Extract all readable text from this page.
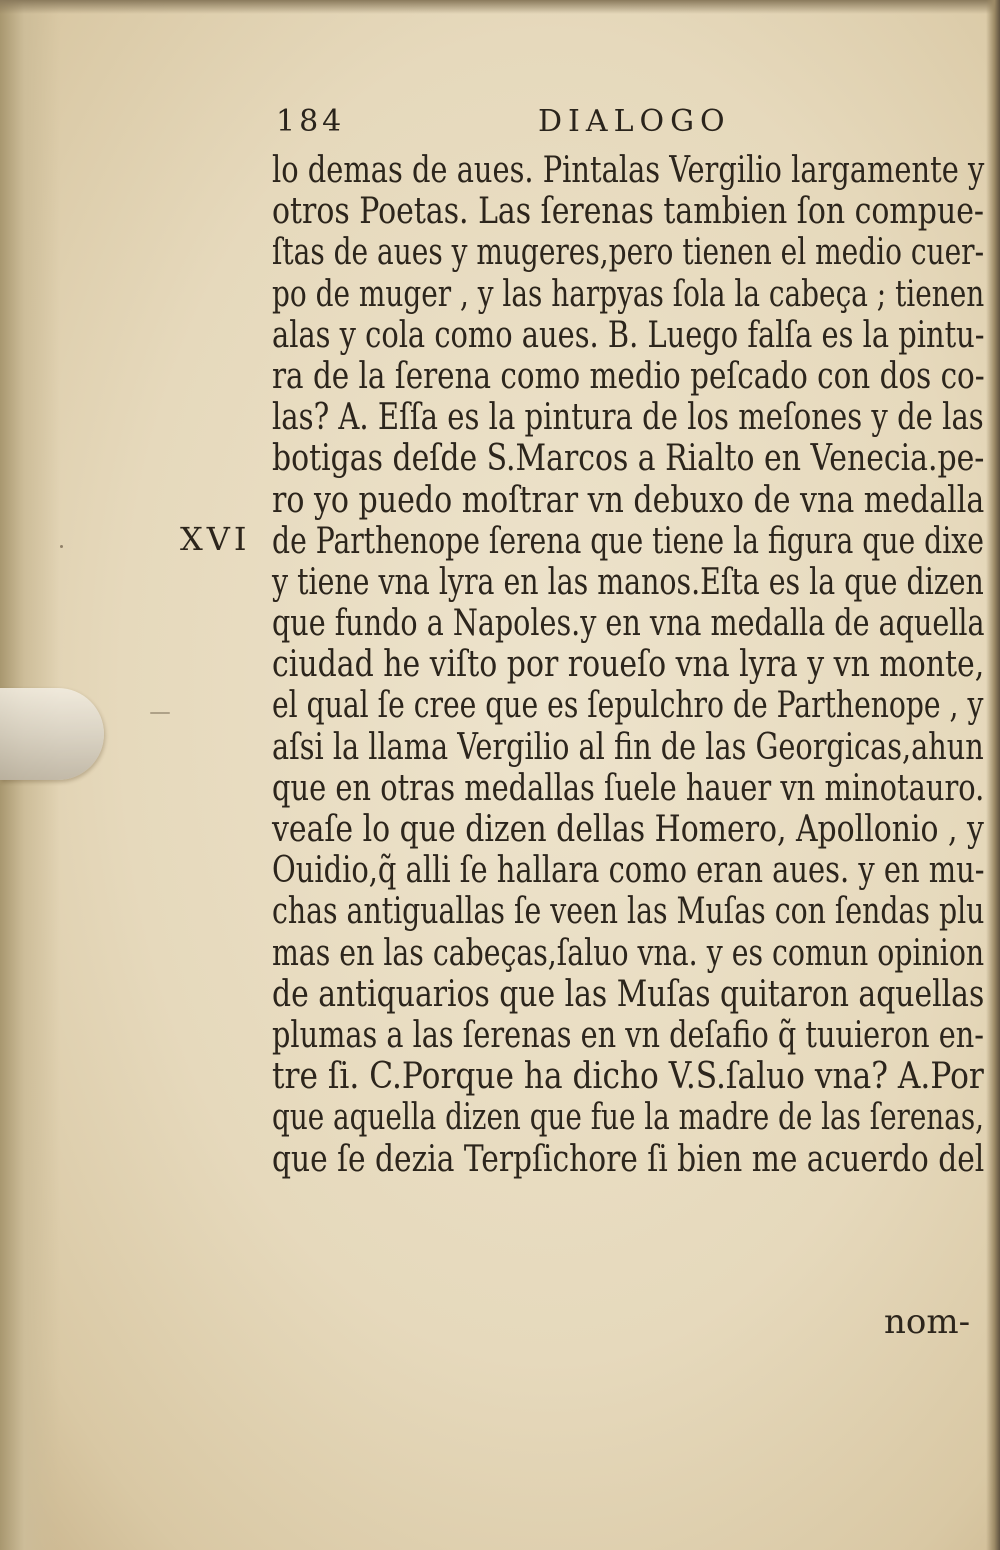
184	DIALOGO
XVI
lo demas de aues. Pintalas Vergilio largamente y
otros Poetas. Las ſerenas tambien ſon compue-
ſtas de aues y mugeres,pero tienen el medio cuer-
po de muger , y las harpyas ſola la cabeça ; tienen
alas y cola como aues. B. Luego falſa es la pintu-
ra de la ſerena como medio peſcado con dos co-
las? A. Eſſa es la pintura de los meſones y de las
botigas deſde S.Marcos a Rialto en Venecia.pe-
ro yo puedo moſtrar vn debuxo de vna medalla
de Parthenope ſerena que tiene la figura que dixe
y tiene vna lyra en las manos.Eſta es la que dizen
que fundo a Napoles.y en vna medalla de aquella
ciudad he viſto por roueſo vna lyra y vn monte,
el qual ſe cree que es ſepulchro de Parthenope , y
aſsi la llama Vergilio al fin de las Georgicas,ahun
que en otras medallas ſuele hauer vn minotauro.
veaſe lo que dizen dellas Homero, Apollonio , y
Ouidio,q̃ alli ſe hallara como eran aues. y en mu-
chas antiguallas ſe veen las Muſas con ſendas plu
mas en las cabeças,ſaluo vna. y es comun opinion
de antiquarios que las Muſas quitaron aquellas
plumas a las ſerenas en vn deſafio q̃ tuuieron en-
tre ſi. C.Porque ha dicho V.S.ſaluo vna? A.Por
que aquella dizen que fue la madre de las ſerenas,
que ſe dezia Terpſichore ſi bien me acuerdo del
nom-
